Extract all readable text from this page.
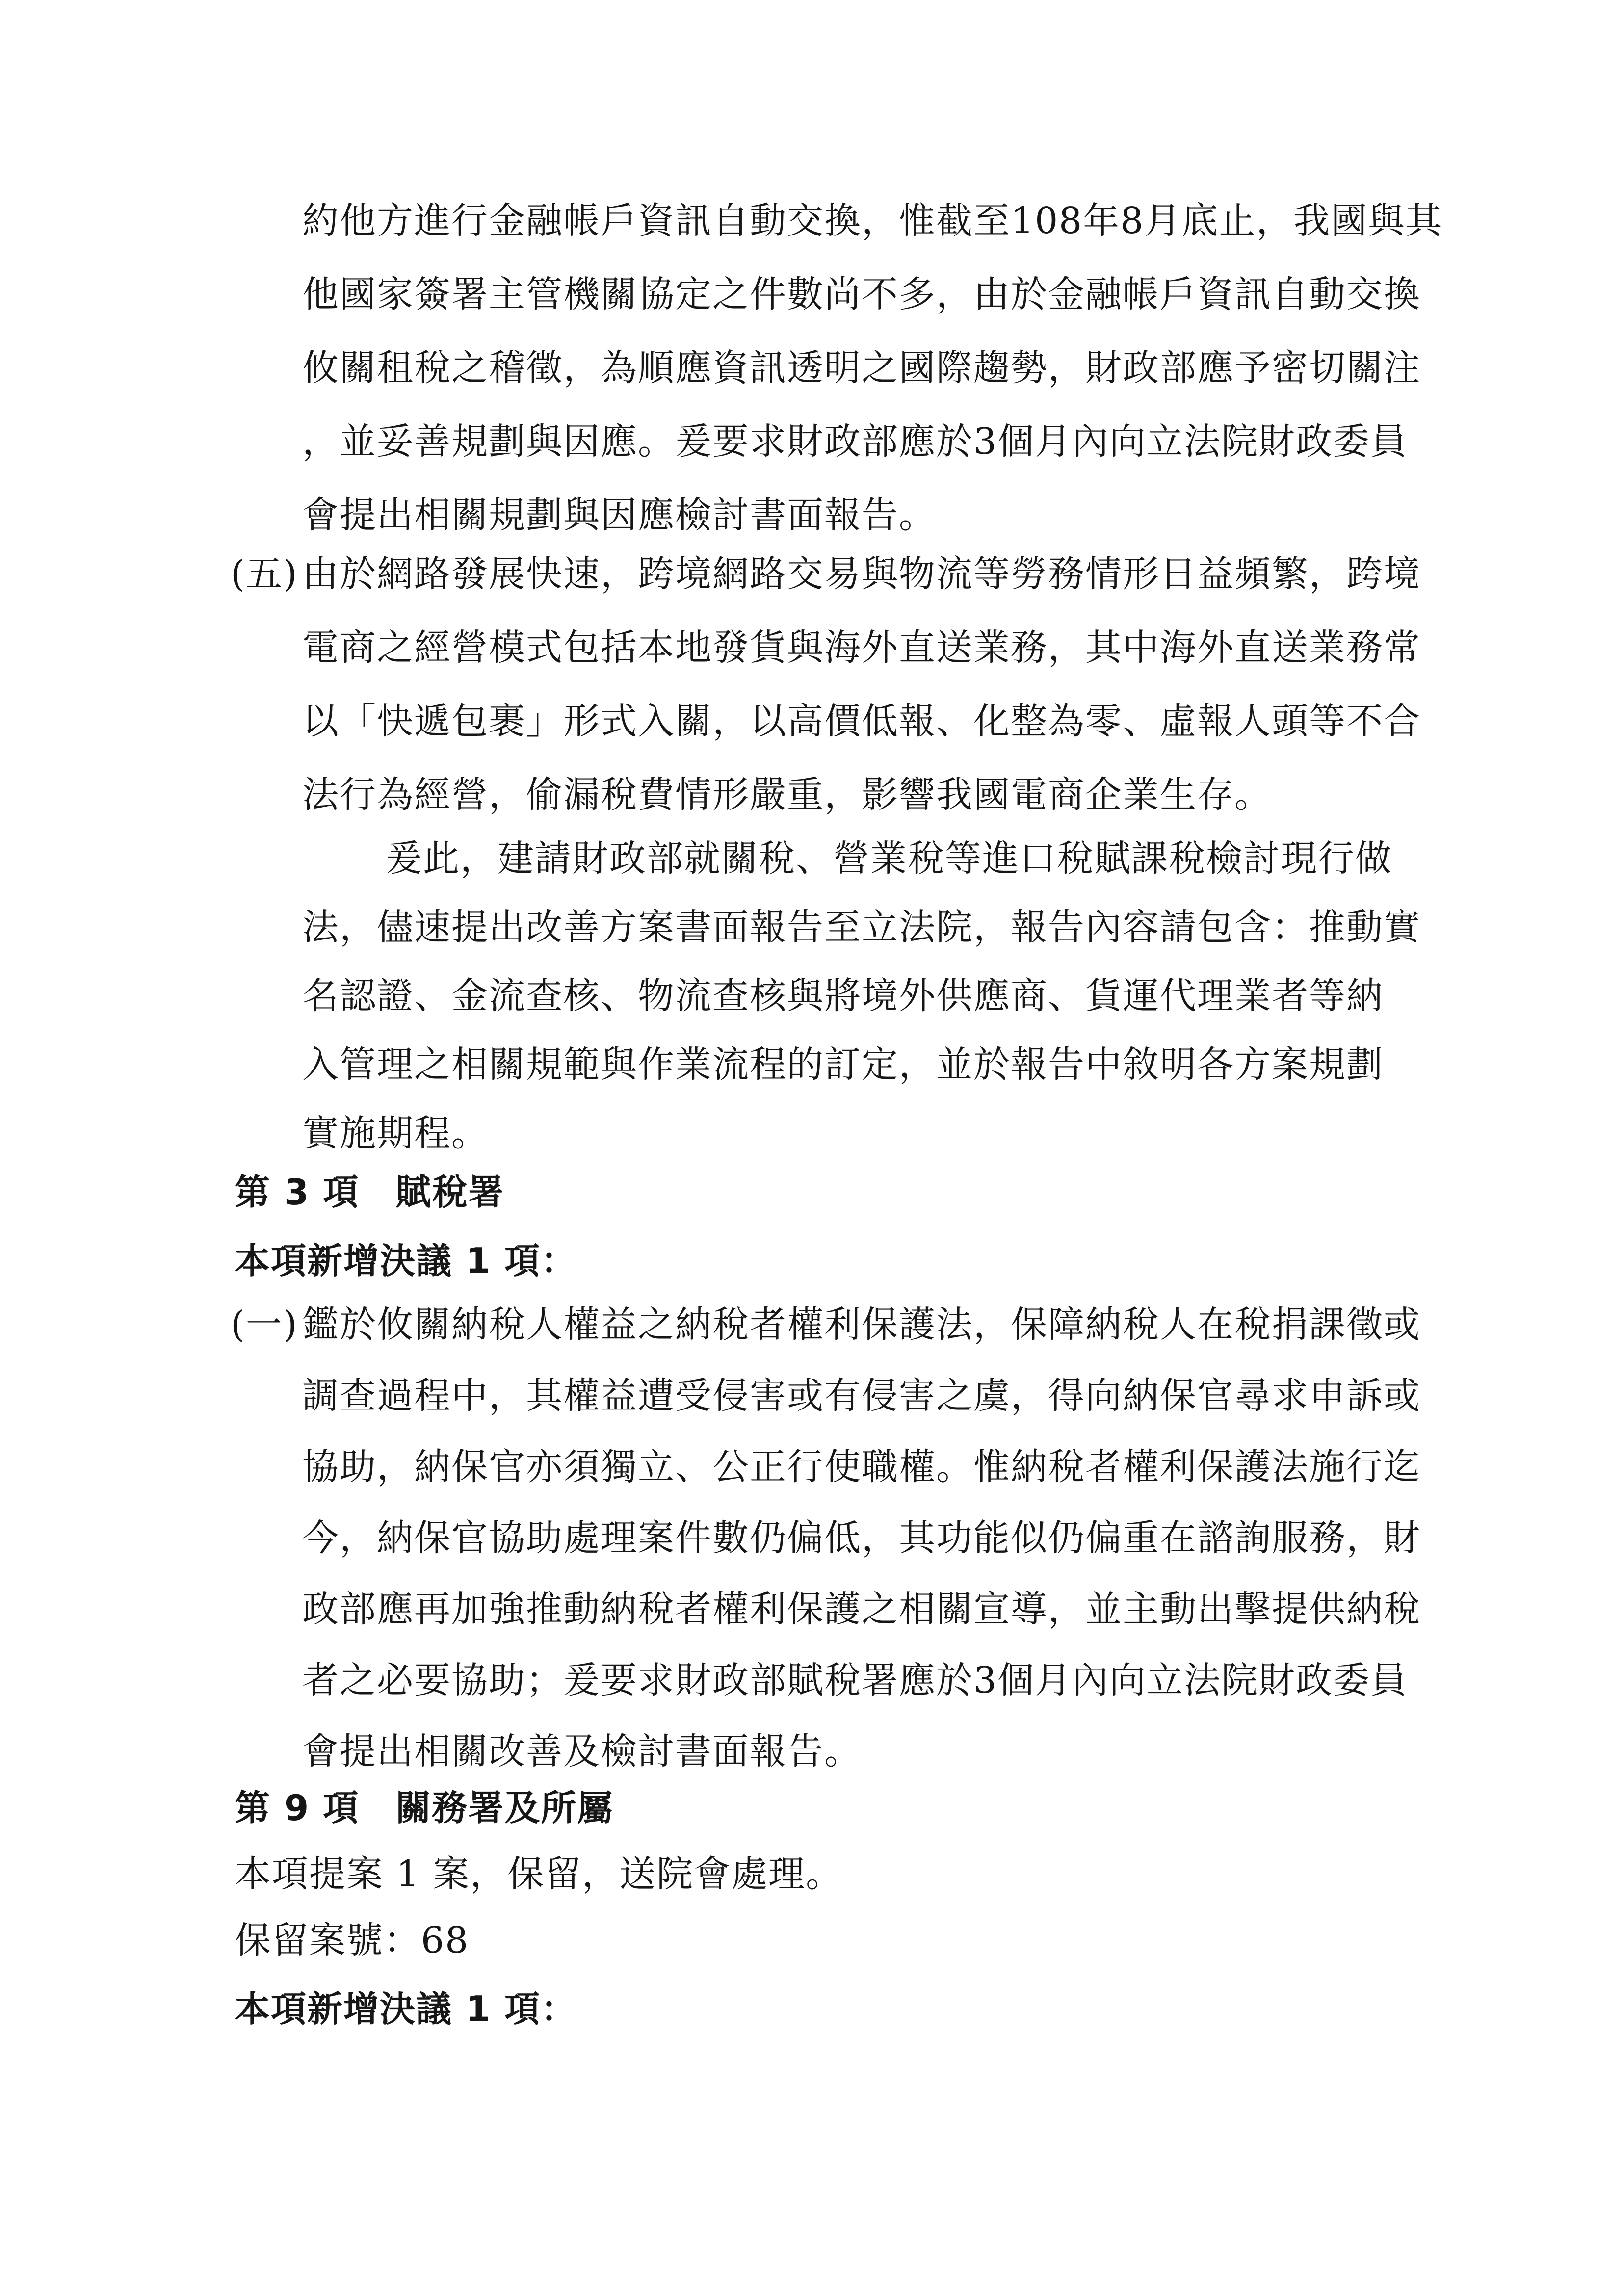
約他方進行金融帳戶資訊自動交換，惟截至108年8月底止，我國與其
他國家簽署主管機關協定之件數尚不多，由於金融帳戶資訊自動交換
攸關租稅之稽徵，為順應資訊透明之國際趨勢，財政部應予密切關注
，並妥善規劃與因應。爰要求財政部應於3個月內向立法院財政委員
會提出相關規劃與因應檢討書面報告。
(五) 由於網路發展快速，跨境網路交易與物流等勞務情形日益頻繁，跨境
電商之經營模式包括本地發貨與海外直送業務，其中海外直送業務常
以「快遞包裹」形式入關，以高價低報、化整為零、虛報人頭等不合
法行為經營，偷漏稅費情形嚴重，影響我國電商企業生存。
爰此，建請財政部就關稅、營業稅等進口稅賦課稅檢討現行做
法，儘速提出改善方案書面報告至立法院，報告內容請包含：推動實
名認證、金流查核、物流查核與將境外供應商、貨運代理業者等納
入管理之相關規範與作業流程的訂定，並於報告中敘明各方案規劃
實施期程。
第 3 項　賦稅署
本項新增決議 1 項：
(一) 鑑於攸關納稅人權益之納稅者權利保護法，保障納稅人在稅捐課徵或
調查過程中，其權益遭受侵害或有侵害之虞，得向納保官尋求申訴或
協助，納保官亦須獨立、公正行使職權。惟納稅者權利保護法施行迄
今，納保官協助處理案件數仍偏低，其功能似仍偏重在諮詢服務，財
政部應再加強推動納稅者權利保護之相關宣導，並主動出擊提供納稅
者之必要協助；爰要求財政部賦稅署應於3個月內向立法院財政委員
會提出相關改善及檢討書面報告。
第 9 項　關務署及所屬
本項提案 1 案，保留，送院會處理。
保留案號：68
本項新增決議 1 項：
